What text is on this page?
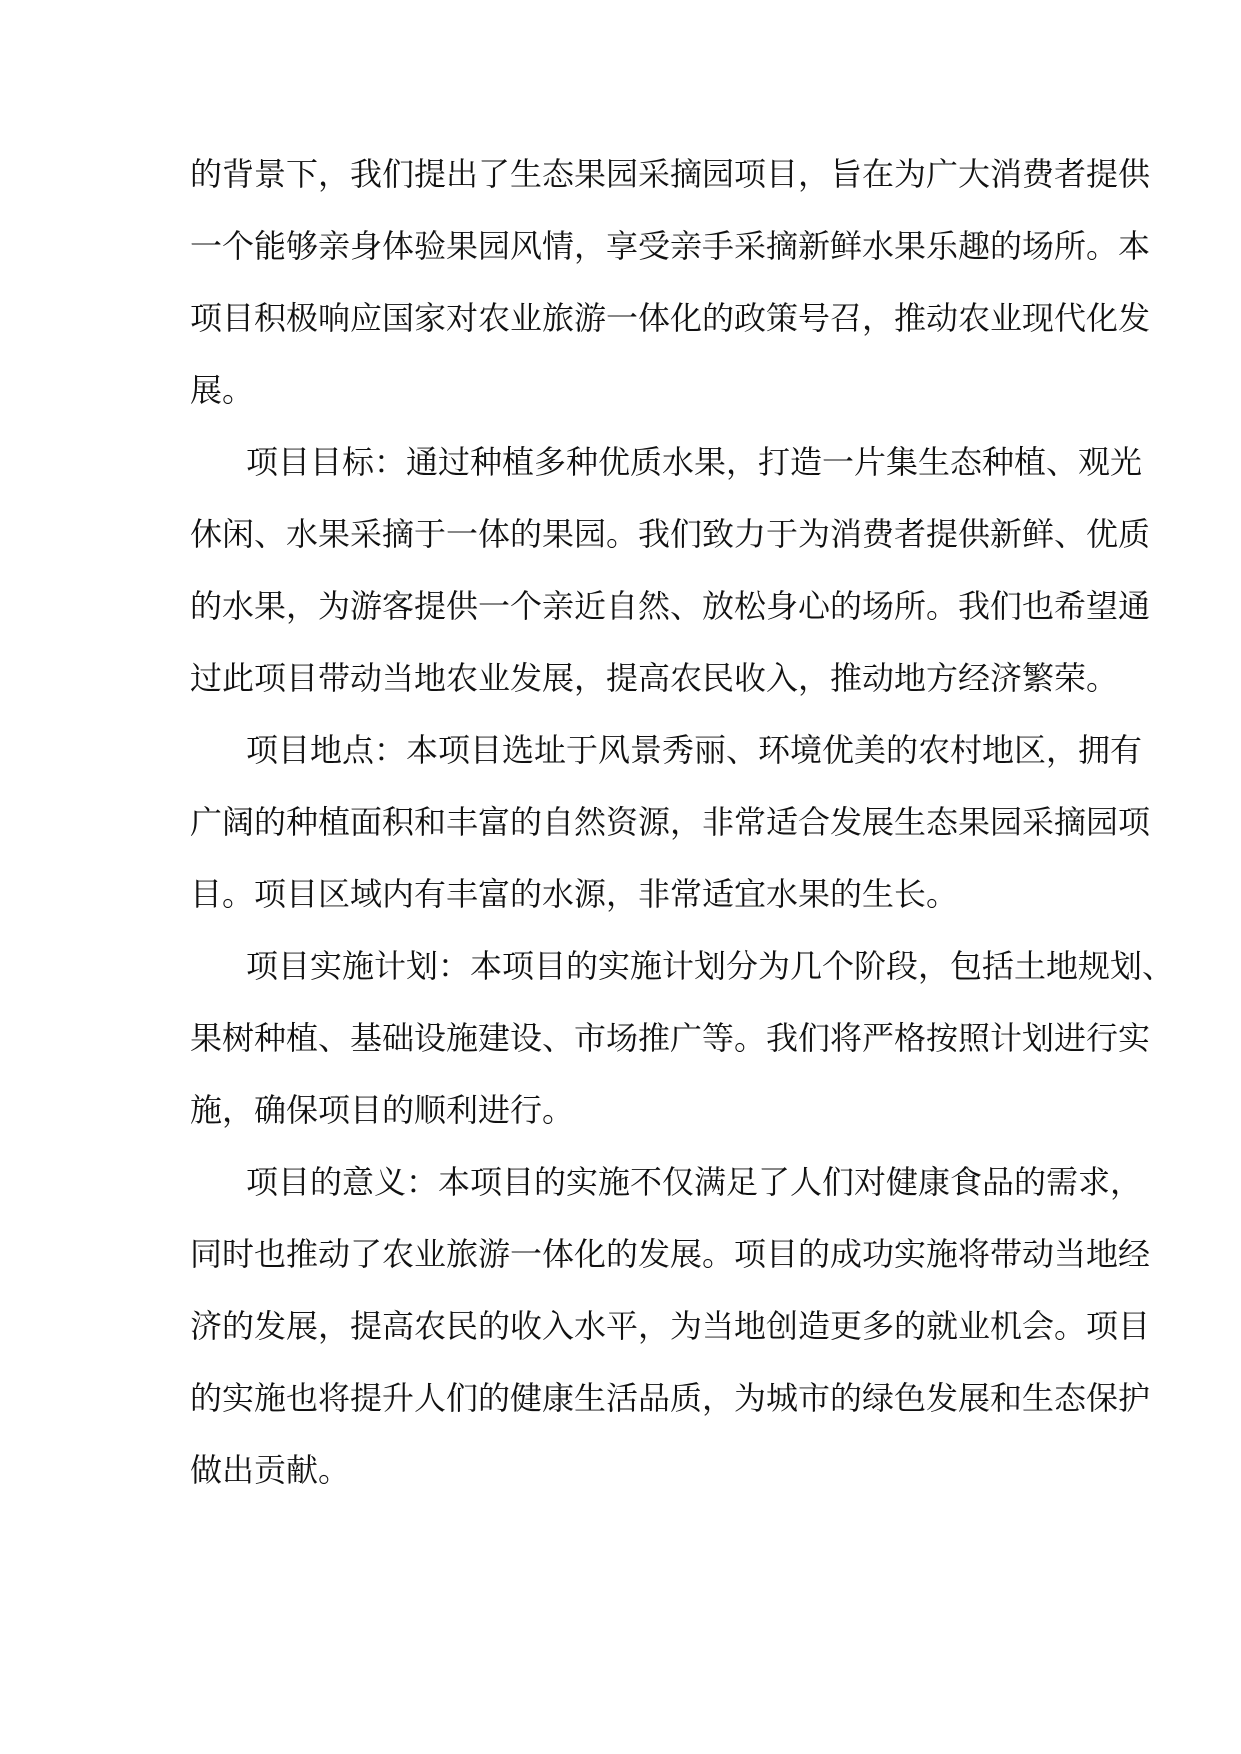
的背景下，我们提出了生态果园采摘园项目，旨在为广大消费者提供
一个能够亲身体验果园风情，享受亲手采摘新鲜水果乐趣的场所。本
项目积极响应国家对农业旅游一体化的政策号召，推动农业现代化发
展。
项目目标：通过种植多种优质水果，打造一片集生态种植、观光
休闲、水果采摘于一体的果园。我们致力于为消费者提供新鲜、优质
的水果，为游客提供一个亲近自然、放松身心的场所。我们也希望通
过此项目带动当地农业发展，提高农民收入，推动地方经济繁荣。
项目地点：本项目选址于风景秀丽、环境优美的农村地区，拥有
广阔的种植面积和丰富的自然资源，非常适合发展生态果园采摘园项
目。项目区域内有丰富的水源，非常适宜水果的生长。
项目实施计划：本项目的实施计划分为几个阶段，包括土地规划、
果树种植、基础设施建设、市场推广等。我们将严格按照计划进行实
施，确保项目的顺利进行。
项目的意义：本项目的实施不仅满足了人们对健康食品的需求，
同时也推动了农业旅游一体化的发展。项目的成功实施将带动当地经
济的发展，提高农民的收入水平，为当地创造更多的就业机会。项目
的实施也将提升人们的健康生活品质，为城市的绿色发展和生态保护
做出贡献。
